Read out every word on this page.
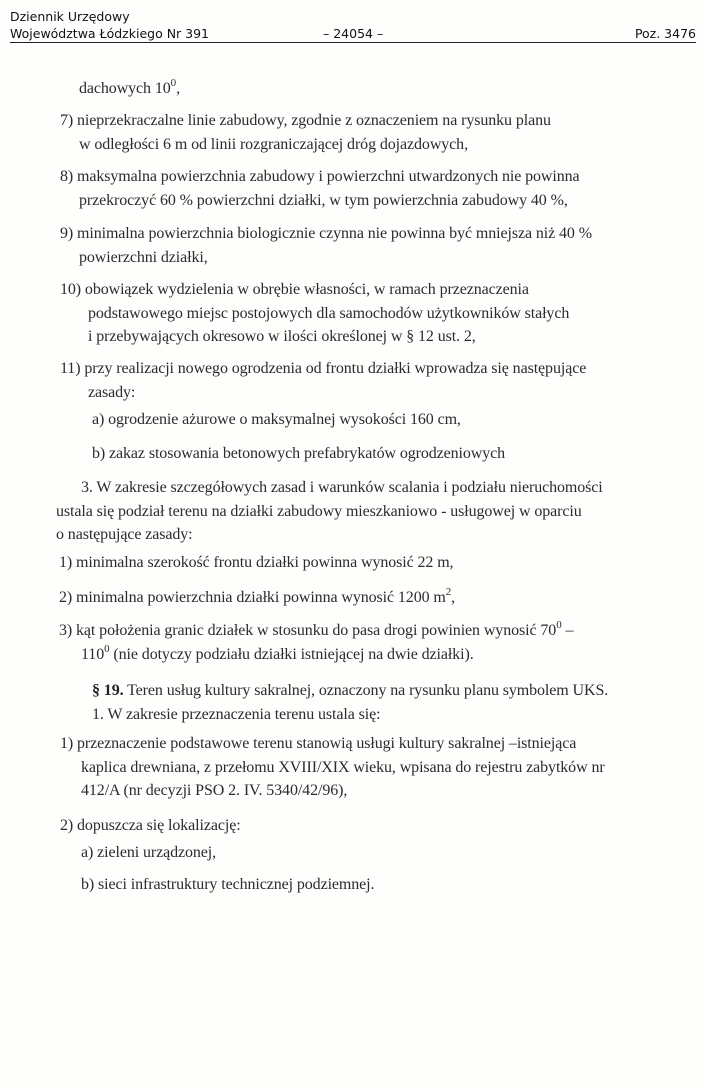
Dziennik Urzędowy
Województwa Łódzkiego Nr 391	– 24054 –	Poz. 3476
dachowych $10^0$,
7) nieprzekraczalne linie zabudowy, zgodnie z oznaczeniem na rysunku planu
w odległości 6 m od linii rozgraniczającej dróg dojazdowych,
8) maksymalna powierzchnia zabudowy i powierzchni utwardzonych nie powinna
przekroczyć 60 % powierzchni działki, w tym powierzchnia zabudowy 40 %,
9) minimalna powierzchnia biologicznie czynna nie powinna być mniejsza niż 40 %
powierzchni działki,
10) obowiązek wydzielenia w obrębie własności, w ramach przeznaczenia
podstawowego miejsc postojowych dla samochodów użytkowników stałych
i przebywających okresowo w ilości określonej w § 12 ust. 2,
11) przy realizacji nowego ogrodzenia od frontu działki wprowadza się następujące
zasady:
a) ogrodzenie ażurowe o maksymalnej wysokości 160 cm,
b) zakaz stosowania betonowych prefabrykatów ogrodzeniowych
3. W zakresie szczegółowych zasad i warunków scalania i podziału nieruchomości
ustala się podział terenu na działki zabudowy mieszkaniowo - usługowej w oparciu
o następujące zasady:
1) minimalna szerokość frontu działki powinna wynosić 22 m,
2) minimalna powierzchnia działki powinna wynosić 1200 $m^2$,
3) kąt położenia granic działek w stosunku do pasa drogi powinien wynosić $70^0$ –
$110^0$ (nie dotyczy podziału działki istniejącej na dwie działki).
§ 19. Teren usług kultury sakralnej, oznaczony na rysunku planu symbolem UKS.
1. W zakresie przeznaczenia terenu ustala się:
1) przeznaczenie podstawowe terenu stanowią usługi kultury sakralnej –istniejąca
kaplica drewniana, z przełomu XVIII/XIX wieku, wpisana do rejestru zabytków nr
412/A (nr decyzji PSO 2. IV. 5340/42/96),
2) dopuszcza się lokalizację:
a) zieleni urządzonej,
b) sieci infrastruktury technicznej podziemnej.
